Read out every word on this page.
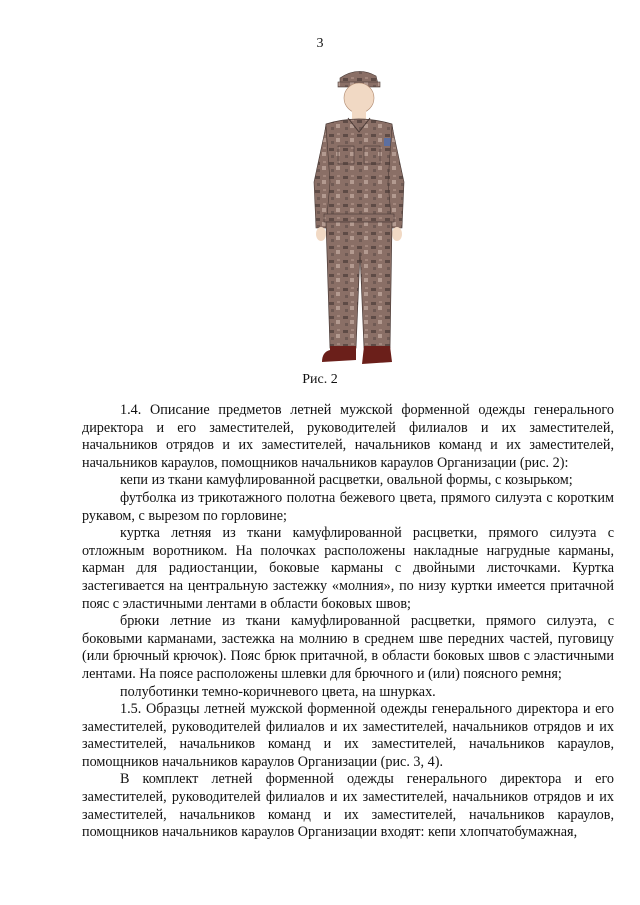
3
Рис. 2

1.4. Описание предметов летней мужской форменной одежды генерального директора и его заместителей, руководителей филиалов и их заместителей, начальников отрядов и их заместителей, начальников команд и их заместителей, начальников караулов, помощников начальников караулов Организации (рис. 2):

кепи из ткани камуфлированной расцветки, овальной формы, с козырьком;

футболка из трикотажного полотна бежевого цвета, прямого силуэта с коротким рукавом, с вырезом по горловине;

куртка летняя из ткани камуфлированной расцветки, прямого силуэта с отложным воротником. На полочках расположены накладные нагрудные карманы, карман для радиостанции, боковые карманы с двойными листочками. Куртка застегивается на центральную застежку «молния», по низу куртки имеется притачной пояс с эластичными лентами в области боковых швов;

брюки летние из ткани камуфлированной расцветки, прямого силуэта, с боковыми карманами, застежка на молнию в среднем шве передних частей, пуговицу (или брючный крючок). Пояс брюк притачной, в области боковых швов с эластичными лентами. На поясе расположены шлевки для брючного и (или) поясного ремня;

полуботинки темно-коричневого цвета, на шнурках.

1.5. Образцы летней мужской форменной одежды генерального директора и его заместителей, руководителей филиалов и их заместителей, начальников отрядов и их заместителей, начальников команд и их заместителей, начальников караулов, помощников начальников караулов Организации (рис. 3, 4).

В комплект летней форменной одежды генерального директора и его заместителей, руководителей филиалов и их заместителей, начальников отрядов и их заместителей, начальников команд и их заместителей, начальников караулов, помощников начальников караулов Организации входят: кепи хлопчатобумажная,
